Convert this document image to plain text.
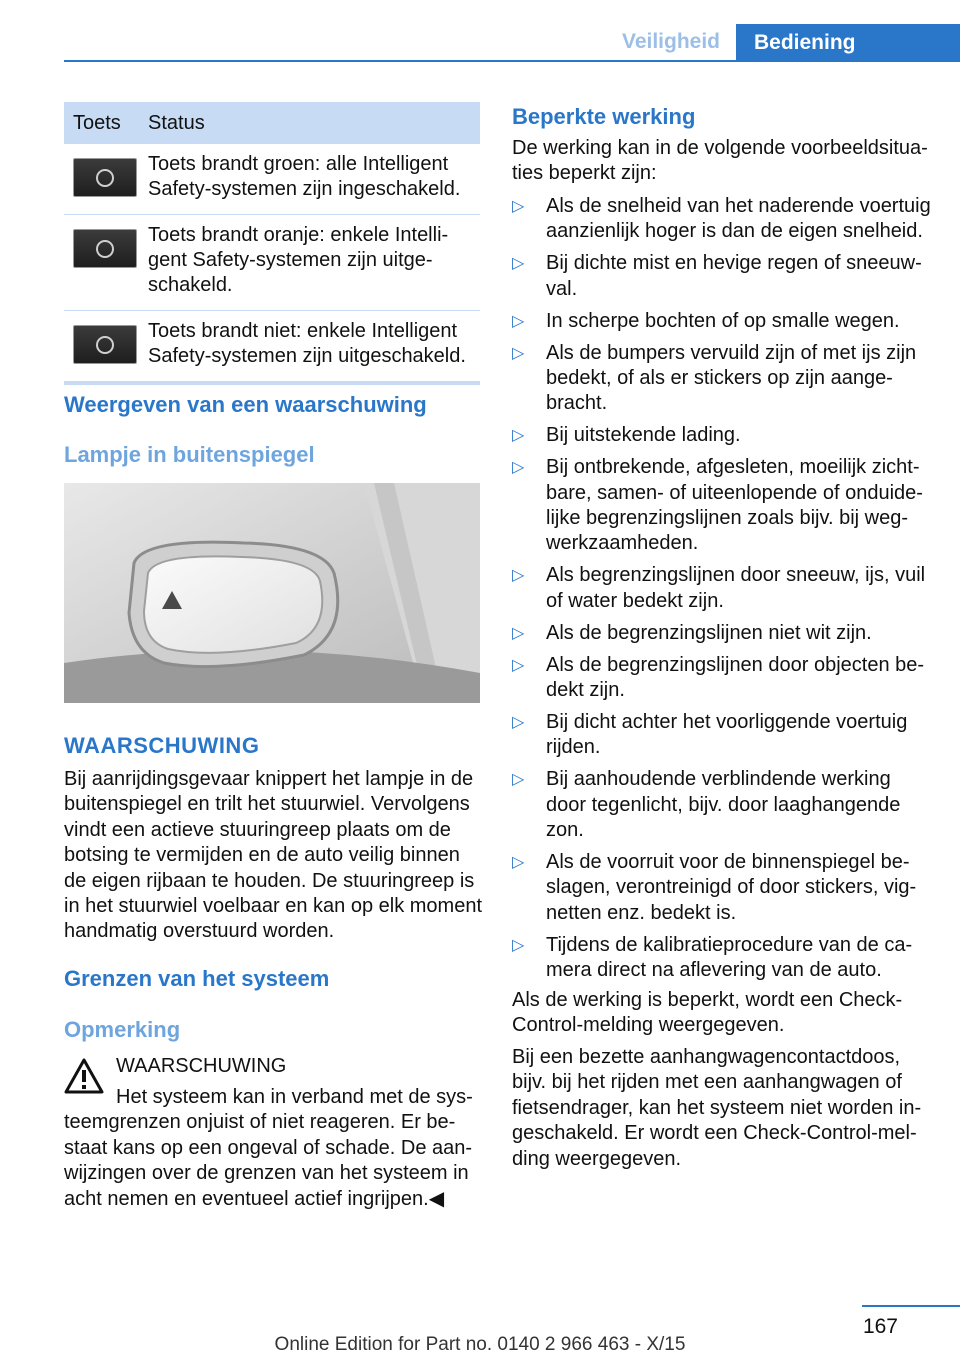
Veiligheid	Bediening
Toets	Status
Toets brandt groen: alle Intelligent Safety-systemen zijn ingeschakeld.
Toets brandt oranje: enkele Intelli-gent Safety-systemen zijn uitge-schakeld.
Toets brandt niet: enkele Intelligent Safety-systemen zijn uitgeschakeld.
Weergeven van een waarschuwing
Lampje in buitenspiegel
WAARSCHUWING

Bij aanrijdingsgevaar knippert het lampje in de buitenspiegel en trilt het stuurwiel. Vervolgens vindt een actieve stuuringreep plaats om de botsing te vermijden en de auto veilig binnen de eigen rijbaan te houden. De stuuringreep is in het stuurwiel voelbaar en kan op elk moment handmatig overstuurd worden.

Grenzen van het systeem
Opmerking
WAARSCHUWING
Het systeem kan in verband met de sys-teemgrenzen onjuist of niet reageren. Er be-staat kans op een ongeval of schade. De aan-wijzingen over de grenzen van het systeem in acht nemen en eventueel actief ingrijpen.◀
Beperkte werking

De werking kan in de volgende voorbeeldsitua-ties beperkt zijn:

▷ Als de snelheid van het naderende voertuig aanzienlijk hoger is dan de eigen snelheid.
▷ Bij dichte mist en hevige regen of sneeuw-val.
▷ In scherpe bochten of op smalle wegen.
▷ Als de bumpers vervuild zijn of met ijs zijn bedekt, of als er stickers op zijn aange-bracht.
▷ Bij uitstekende lading.
▷ Bij ontbrekende, afgesleten, moeilijk zicht-bare, samen- of uiteenlopende of onduide-lijke begrenzingslijnen zoals bijv. bij weg-werkzaamheden.
▷ Als begrenzingslijnen door sneeuw, ijs, vuil of water bedekt zijn.
▷ Als de begrenzingslijnen niet wit zijn.
▷ Als de begrenzingslijnen door objecten be-dekt zijn.
▷ Bij dicht achter het voorliggende voertuig rijden.
▷ Bij aanhoudende verblindende werking door tegenlicht, bijv. door laaghangende zon.
▷ Als de voorruit voor de binnenspiegel be-slagen, verontreinigd of door stickers, vig-netten enz. bedekt is.
▷ Tijdens de kalibratieprocedure van de ca-mera direct na aflevering van de auto.

Als de werking is beperkt, wordt een Check-Control-melding weergegeven.

Bij een bezette aanhangwagencontactdoos, bijv. bij het rijden met een aanhangwagen of fietsendrager, kan het systeem niet worden in-geschakeld. Er wordt een Check-Control-mel-ding weergegeven.

167
Online Edition for Part no. 0140 2 966 463 - X/15
